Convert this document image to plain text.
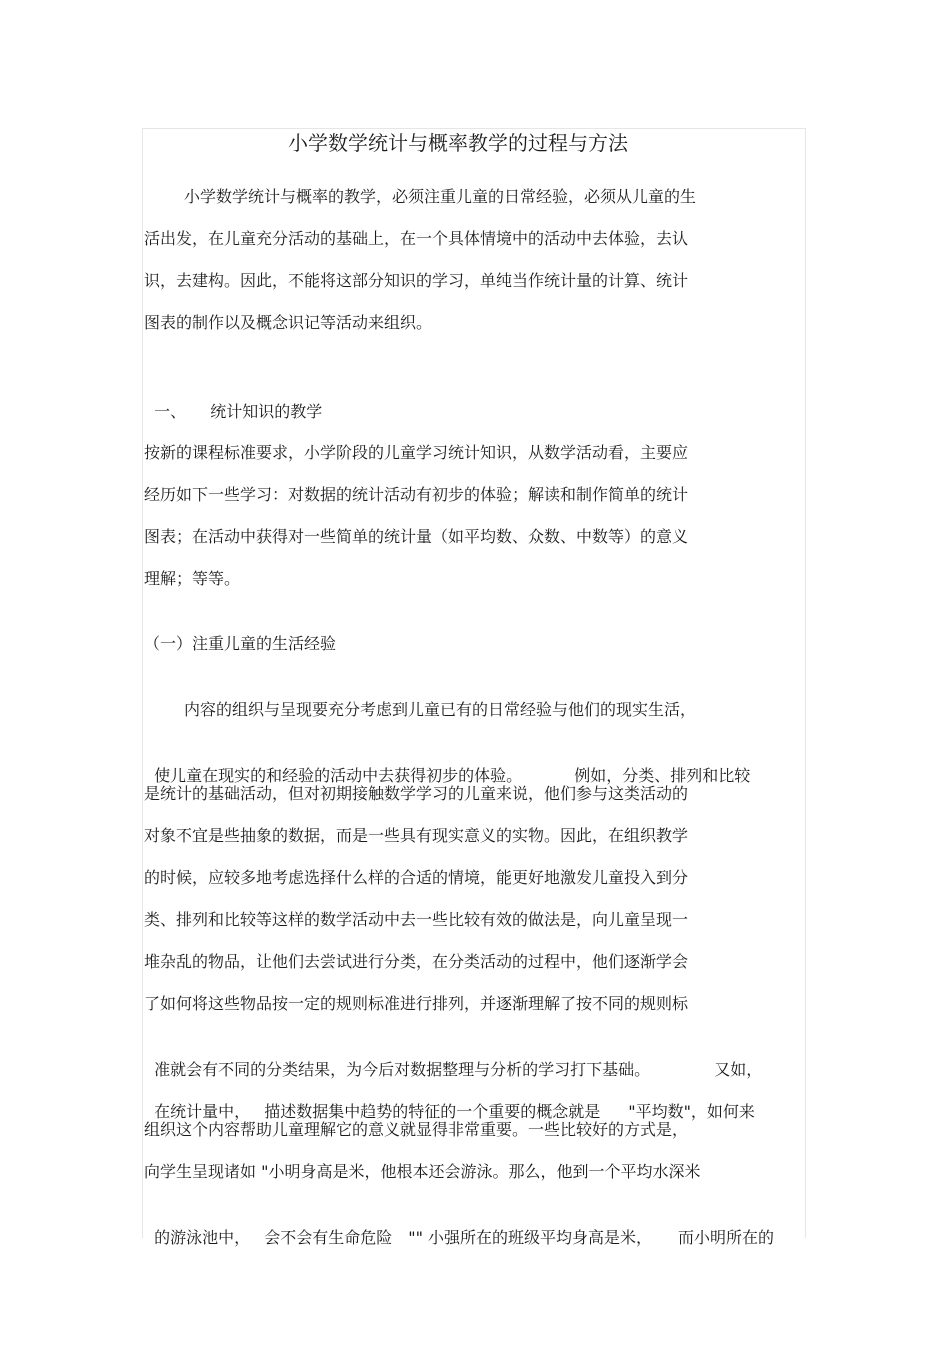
小学数学统计与概率教学的过程与方法
小学数学统计与概率的教学，必须注重儿童的日常经验，必须从儿童的生
活出发，在儿童充分活动的基础上，在一个具体情境中的活动中去体验，去认
识，去建构。因此，不能将这部分知识的学习，单纯当作统计量的计算、统计
图表的制作以及概念识记等活动来组织。

一、 统计知识的教学

按新的课程标准要求，小学阶段的儿童学习统计知识，从数学活动看，主要应
经历如下一些学习：对数据的统计活动有初步的体验；解读和制作简单的统计
图表；在活动中获得对一些简单的统计量（如平均数、众数、中数等）的意义
理解；等等。
（一）注重儿童的生活经验
内容的组织与呈现要充分考虑到儿童已有的日常经验与他们的现实生活，

使儿童在现实的和经验的活动中去获得初步的体验。	例如，分类、排列和比较

是统计的基础活动，但对初期接触数学学习的儿童来说，他们参与这类活动的
对象不宜是些抽象的数据，而是一些具有现实意义的实物。因此，在组织教学
的时候，应较多地考虑选择什么样的合适的情境，能更好地激发儿童投入到分
类、排列和比较等这样的数学活动中去一些比较有效的做法是，向儿童呈现一
堆杂乱的物品，让他们去尝试进行分类，在分类活动的过程中，他们逐渐学会
了如何将这些物品按一定的规则标准进行排列，并逐渐理解了按不同的规则标

准就会有不同的分类结果，为今后对数据整理与分析的学习打下基础。	又如，

在统计量中， 描述数据集中趋势的特征的一个重要的概念就是 "平均数"，如何来

组织这个内容帮助儿童理解它的意义就显得非常重要。一些比较好的方式是，
向学生呈现诸如 "小明身高是米，他根本还会游泳。那么，他到一个平均水深米

的游泳池中， 会不会有生命危险 "" 小强所在的班级平均身高是米， 而小明所在的
